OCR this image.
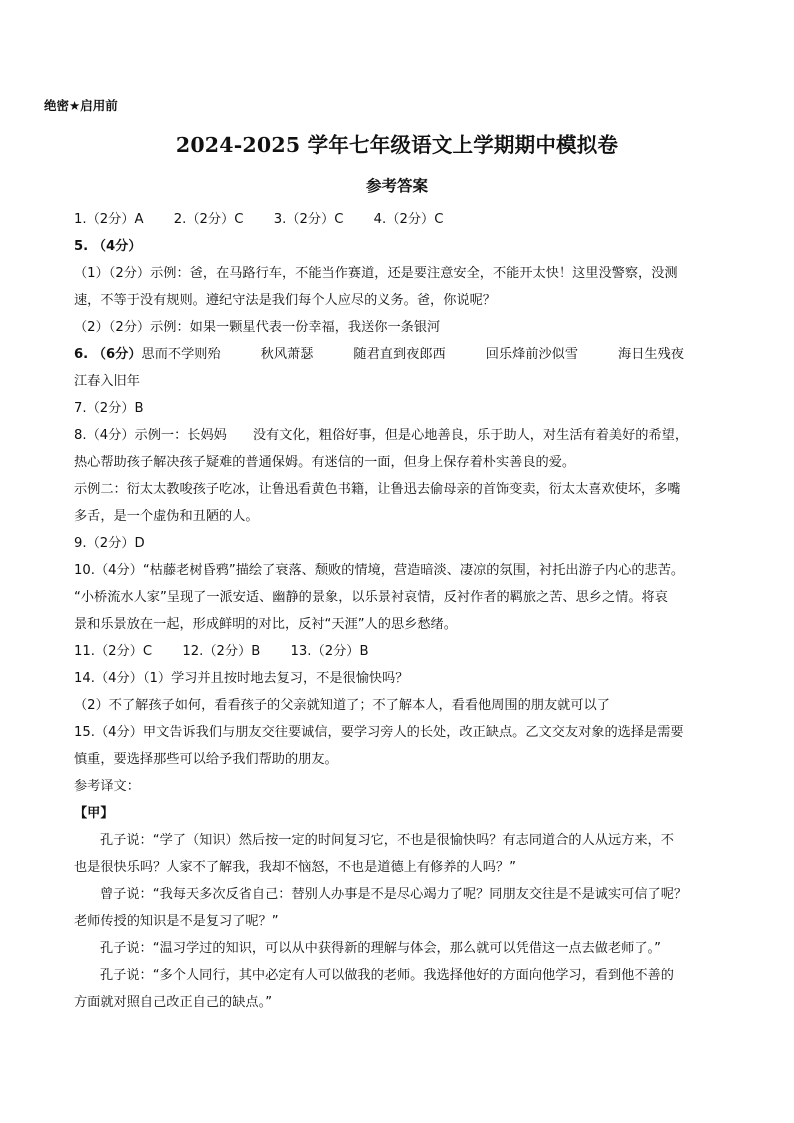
绝密★启用前
2024-2025 学年七年级语文上学期期中模拟卷
参考答案
1.（2分）A 2.（2分）C 3.（2分）C 4.（2分）C
5. （4分）
（1）（2分）示例：爸，在马路行车，不能当作赛道，还是要注意安全，不能开太快！这里没警察，没测
速，不等于没有规则。遵纪守法是我们每个人应尽的义务。爸，你说呢？
（2）（2分）示例：如果一颗星代表一份幸福，我送你一条银河
6. （6分）思而不学则殆	秋风萧瑟	随君直到夜郎西	回乐烽前沙似雪	海日生残夜
江春入旧年
7.（2分）B
8.（4分）示例一：长妈妈 没有文化，粗俗好事，但是心地善良，乐于助人，对生活有着美好的希望，
热心帮助孩子解决孩子疑难的普通保姆。有迷信的一面，但身上保存着朴实善良的爱。
示例二：衍太太教唆孩子吃冰，让鲁迅看黄色书籍，让鲁迅去偷母亲的首饰变卖，衍太太喜欢使坏，多嘴
多舌，是一个虚伪和丑陋的人。
9.（2分）D
10.（4分）“枯藤老树昏鸦”描绘了衰落、颓败的情境，营造暗淡、凄凉的氛围，衬托出游子内心的悲苦。
“小桥流水人家”呈现了一派安适、幽静的景象，以乐景衬哀情，反衬作者的羁旅之苦、思乡之情。将哀
景和乐景放在一起，形成鲜明的对比，反衬“天涯”人的思乡愁绪。
11.（2分）C 12.（2分）B 13.（2分）B
14.（4分）（1）学习并且按时地去复习，不是很愉快吗？
（2）不了解孩子如何，看看孩子的父亲就知道了；不了解本人，看看他周围的朋友就可以了
15.（4分）甲文告诉我们与朋友交往要诚信，要学习旁人的长处，改正缺点。乙文交友对象的选择是需要
慎重，要选择那些可以给予我们帮助的朋友。
参考译文：
【甲】
孔子说：“学了（知识）然后按一定的时间复习它，不也是很愉快吗？有志同道合的人从远方来，不
也是很快乐吗？人家不了解我，我却不恼怒，不也是道德上有修养的人吗？”
曾子说：“我每天多次反省自己：替别人办事是不是尽心竭力了呢？同朋友交往是不是诚实可信了呢？
老师传授的知识是不是复习了呢？”
孔子说：“温习学过的知识，可以从中获得新的理解与体会，那么就可以凭借这一点去做老师了。”
孔子说：“多个人同行，其中必定有人可以做我的老师。我选择他好的方面向他学习，看到他不善的
方面就对照自己改正自己的缺点。”
